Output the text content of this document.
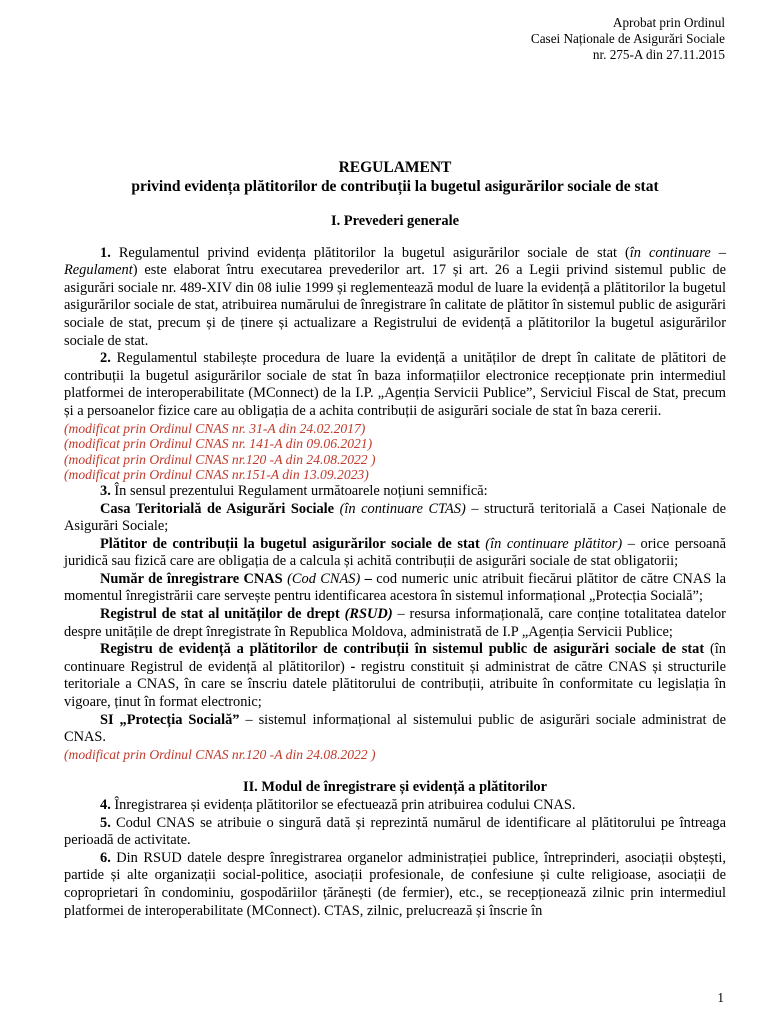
Aprobat prin Ordinul
Casei Naționale de Asigurări Sociale
nr. 275-A din 27.11.2015
REGULAMENT
privind evidența plătitorilor de contribuții la bugetul asigurărilor sociale de stat
I. Prevederi generale

1. Regulamentul privind evidența plătitorilor la bugetul asigurărilor sociale de stat (în continuare – Regulament) este elaborat întru executarea prevederilor art. 17 și art. 26 a Legii privind sistemul public de asigurări sociale nr. 489-XIV din 08 iulie 1999 și reglementează modul de luare la evidență a plătitorilor la bugetul asigurărilor sociale de stat, atribuirea numărului de înregistrare în calitate de plătitor în sistemul public de asigurări sociale de stat, precum și de ținere și actualizare a Registrului de evidență a plătitorilor la bugetul asigurărilor sociale de stat.

2. Regulamentul stabilește procedura de luare la evidență a unităților de drept în calitate de plătitori de contribuții la bugetul asigurărilor sociale de stat în baza informațiilor electronice recepționate prin intermediul platformei de interoperabilitate (MConnect) de la I.P. „Agenția Servicii Publice”, Serviciul Fiscal de Stat, precum și a persoanelor fizice care au obligația de a achita contribuții de asigurări sociale de stat în baza cererii.

(modificat prin Ordinul CNAS nr. 31-A din 24.02.2017)
(modificat prin Ordinul CNAS nr. 141-A din 09.06.2021)
(modificat prin Ordinul CNAS nr.120 -A din 24.08.2022 )
(modificat prin Ordinul CNAS nr.151-A din 13.09.2023)

3. În sensul prezentului Regulament următoarele noțiuni semnifică:

Casa Teritorială de Asigurări Sociale (în continuare CTAS) – structură teritorială a Casei Naționale de Asigurări Sociale;

Plătitor de contribuții la bugetul asigurărilor sociale de stat (în continuare plătitor) – orice persoană juridică sau fizică care are obligația de a calcula și achită contribuții de asigurări sociale de stat obligatorii;

Număr de înregistrare CNAS (Cod CNAS) – cod numeric unic atribuit fiecărui plătitor de către CNAS la momentul înregistrării care servește pentru identificarea acestora în sistemul informațional „Protecția Socială”;

Registrul de stat al unităților de drept (RSUD) – resursa informațională, care conține totalitatea datelor despre unitățile de drept înregistrate în Republica Moldova, administrată de I.P „Agenția Servicii Publice;

Registru de evidență a plătitorilor de contribuții în sistemul public de asigurări sociale de stat (în continuare Registrul de evidență al plătitorilor) - registru constituit și administrat de către CNAS și structurile teritoriale a CNAS, în care se înscriu datele plătitorului de contribuții, atribuite în conformitate cu legislația în vigoare, ținut în format electronic;

SI „Protecția Socială” – sistemul informațional al sistemului public de asigurări sociale administrat de CNAS.

(modificat prin Ordinul CNAS nr.120 -A din 24.08.2022 )
II. Modul de înregistrare și evidență a plătitorilor

4. Înregistrarea și evidența plătitorilor se efectuează prin atribuirea codului CNAS.

5. Codul CNAS se atribuie o singură dată și reprezintă numărul de identificare al plătitorului pe întreaga perioadă de activitate.

6. Din RSUD datele despre înregistrarea organelor administrației publice, întreprinderi, asociații obștești, partide și alte organizații social-politice, asociații profesionale, de confesiune și culte religioase, asociații de coproprietari în condominiu, gospodăriilor țărănești (de fermier), etc., se recepționează zilnic prin intermediul platformei de interoperabilitate (MConnect). CTAS, zilnic, prelucrează și înscrie în

1
